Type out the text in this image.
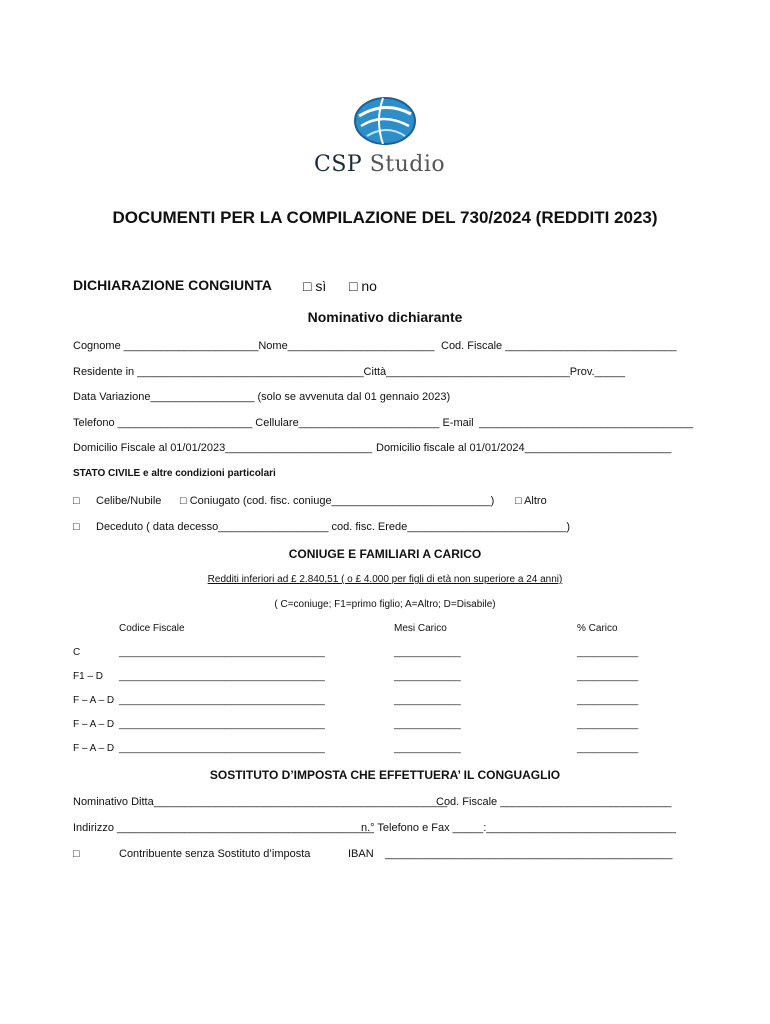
CSP Studio
DOCUMENTI PER LA COMPILAZIONE DEL 730/2024 (REDDITI 2023)
DICHIARAZIONE CONGIUNTA □ sì □ no
Nominativo dichiarante
Cognome ______________________Nome________________________ Cod. Fiscale ____________________________
Residente in _____________________________________Città______________________________Prov._____
Data Variazione_________________ (solo se avvenuta dal 01 gennaio 2023)
Telefono ______________________ Cellulare_______________________ E-mail ___________________________________
Domicilio Fiscale al 01/01/2023________________________ Domicilio fiscale al 01/01/2024________________________
STATO CIVILE e altre condizioni particolari
□	Celibe/Nubile □ Coniugato (cod. fisc. coniuge__________________________) □ Altro
□ Deceduto ( data decesso__________________ cod. fisc. Erede__________________________)
CONIUGE E FAMILIARI A CARICO
Redditi inferiori ad £ 2.840,51 ( o £ 4.000 per figli di età non superiore a 24 anni)
( C=coniuge; F1=primo figlio; A=Altro; D=Disabile)
Codice Fiscale	Mesi Carico	% Carico
C	_____________________________________	____________	___________
F1 – D _____________________________________	____________	___________
F – A – D _____________________________________	____________	___________
F – A – D _____________________________________	____________	___________
F – A – D _____________________________________	____________	___________
SOSTITUTO D’IMPOSTA CHE EFFETTUERA’ IL CONGUAGLIO
Nominativo Ditta________________________________________________
Cod. Fiscale ____________________________
Indirizzo __________________________________________
n.° Telefono e Fax _____:_______________________________
□	Contribuente senza Sostituto d’imposta	IBAN _______________________________________________
